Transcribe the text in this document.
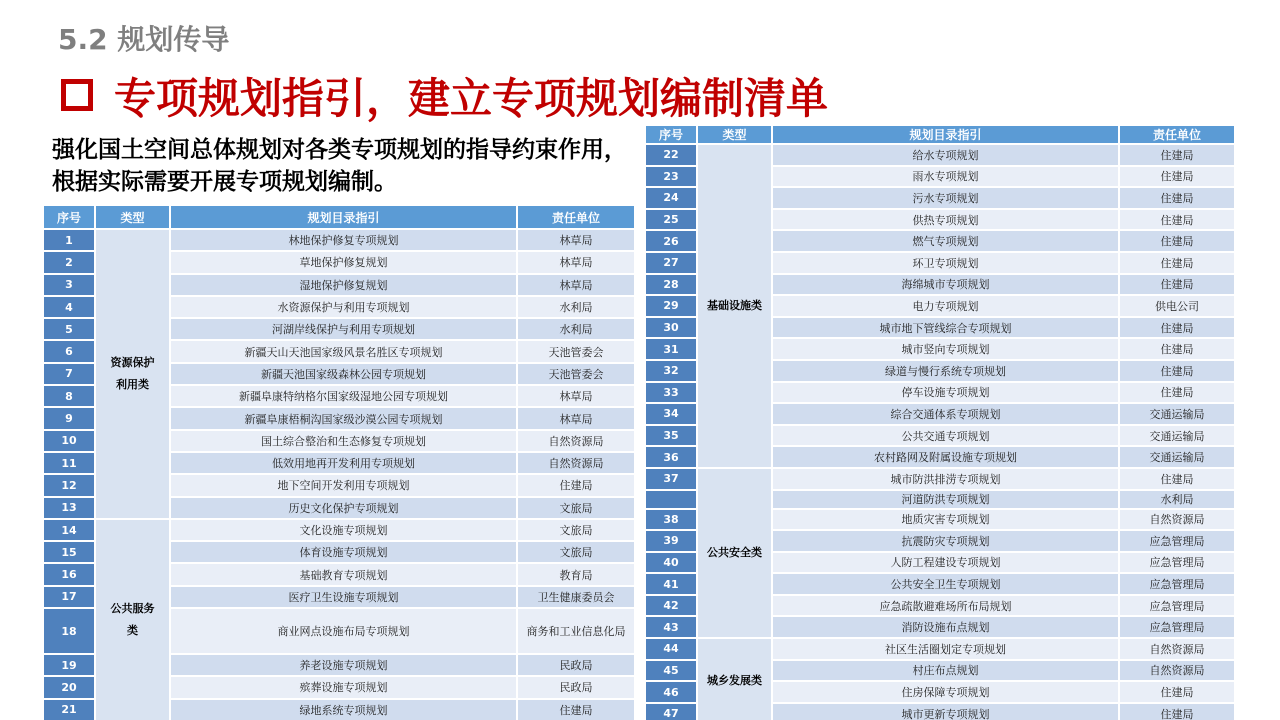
5.2 规划传导
专项规划指引，建立专项规划编制清单
强化国土空间总体规划对各类专项规划的指导约束作用，根据实际需要开展专项规划编制。
序号	类型	规划目录指引	责任单位
1	资源保护利用类	林地保护修复专项规划	林草局
2		草地保护修复规划	林草局
3		湿地保护修复规划	林草局
4		水资源保护与利用专项规划	水利局
5		河湖岸线保护与利用专项规划	水利局
6		新疆天山天池国家级风景名胜区专项规划	天池管委会
7		新疆天池国家级森林公园专项规划	天池管委会
8		新疆阜康特纳格尔国家级湿地公园专项规划	林草局
9		新疆阜康梧桐沟国家级沙漠公园专项规划	林草局
10		国土综合整治和生态修复专项规划	自然资源局
11		低效用地再开发利用专项规划	自然资源局
12		地下空间开发利用专项规划	住建局
13		历史文化保护专项规划	文旅局
14	公共服务类	文化设施专项规划	文旅局
15		体育设施专项规划	文旅局
16		基础教育专项规划	教育局
17		医疗卫生设施专项规划	卫生健康委员会
18		商业网点设施布局专项规划	商务和工业信息化局
19		养老设施专项规划	民政局
20		殡葬设施专项规划	民政局
21		绿地系统专项规划	住建局
序号	类型	规划目录指引	责任单位
22	基础设施类	给水专项规划	住建局
23		雨水专项规划	住建局
24		污水专项规划	住建局
25		供热专项规划	住建局
26		燃气专项规划	住建局
27		环卫专项规划	住建局
28		海绵城市专项规划	住建局
29		电力专项规划	供电公司
30		城市地下管线综合专项规划	住建局
31		城市竖向专项规划	住建局
32		绿道与慢行系统专项规划	住建局
33		停车设施专项规划	住建局
34		综合交通体系专项规划	交通运输局
35		公共交通专项规划	交通运输局
36		农村路网及附属设施专项规划	交通运输局
37	公共安全类	城市防洪排涝专项规划	住建局
		河道防洪专项规划	水利局
38		地质灾害专项规划	自然资源局
39		抗震防灾专项规划	应急管理局
40		人防工程建设专项规划	应急管理局
41		公共安全卫生专项规划	应急管理局
42		应急疏散避难场所布局规划	应急管理局
43		消防设施布点规划	应急管理局
44	城乡发展类	社区生活圈划定专项规划	自然资源局
45		村庄布点规划	自然资源局
46		住房保障专项规划	住建局
47		城市更新专项规划	住建局
